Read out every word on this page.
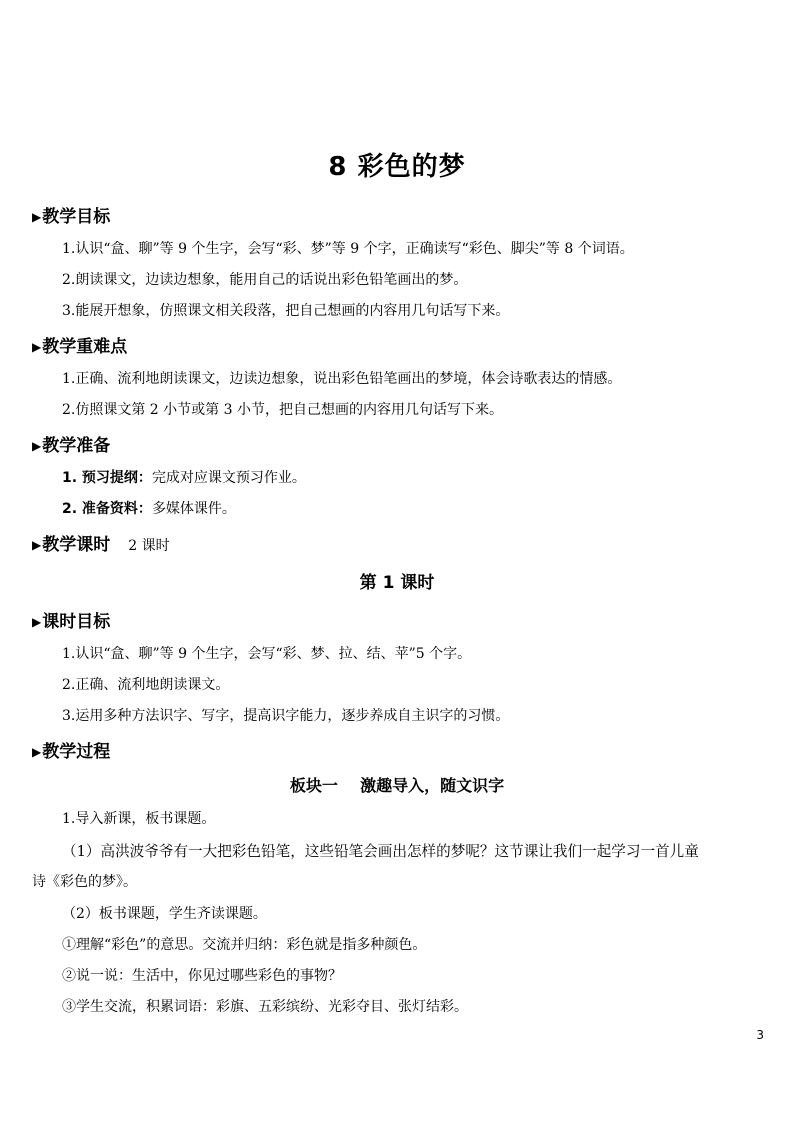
8 彩色的梦
▶教学目标
1.认识“盒、聊”等 9 个生字，会写“彩、梦”等 9 个字，正确读写“彩色、脚尖”等 8 个词语。
2.朗读课文，边读边想象，能用自己的话说出彩色铅笔画出的梦。
3.能展开想象，仿照课文相关段落，把自己想画的内容用几句话写下来。
▶教学重难点
1.正确、流利地朗读课文，边读边想象，说出彩色铅笔画出的梦境，体会诗歌表达的情感。
2.仿照课文第 2 小节或第 3 小节，把自己想画的内容用几句话写下来。
▶教学准备
1. 预习提纲：完成对应课文预习作业。
2. 准备资料：多媒体课件。
▶教学课时 2 课时
第 1 课时
▶课时目标
1.认识“盒、聊”等 9 个生字，会写“彩、梦、拉、结、苹”5 个字。
2.正确、流利地朗读课文。
3.运用多种方法识字、写字，提高识字能力，逐步养成自主识字的习惯。
▶教学过程
板块一    激趣导入，随文识字
1.导入新课，板书课题。
（1）高洪波爷爷有一大把彩色铅笔，这些铅笔会画出怎样的梦呢？这节课让我们一起学习一首儿童
诗《彩色的梦》。
（2）板书课题，学生齐读课题。
①理解“彩色”的意思。交流并归纳：彩色就是指多种颜色。
②说一说：生活中，你见过哪些彩色的事物？
③学生交流，积累词语：彩旗、五彩缤纷、光彩夺目、张灯结彩。
3
